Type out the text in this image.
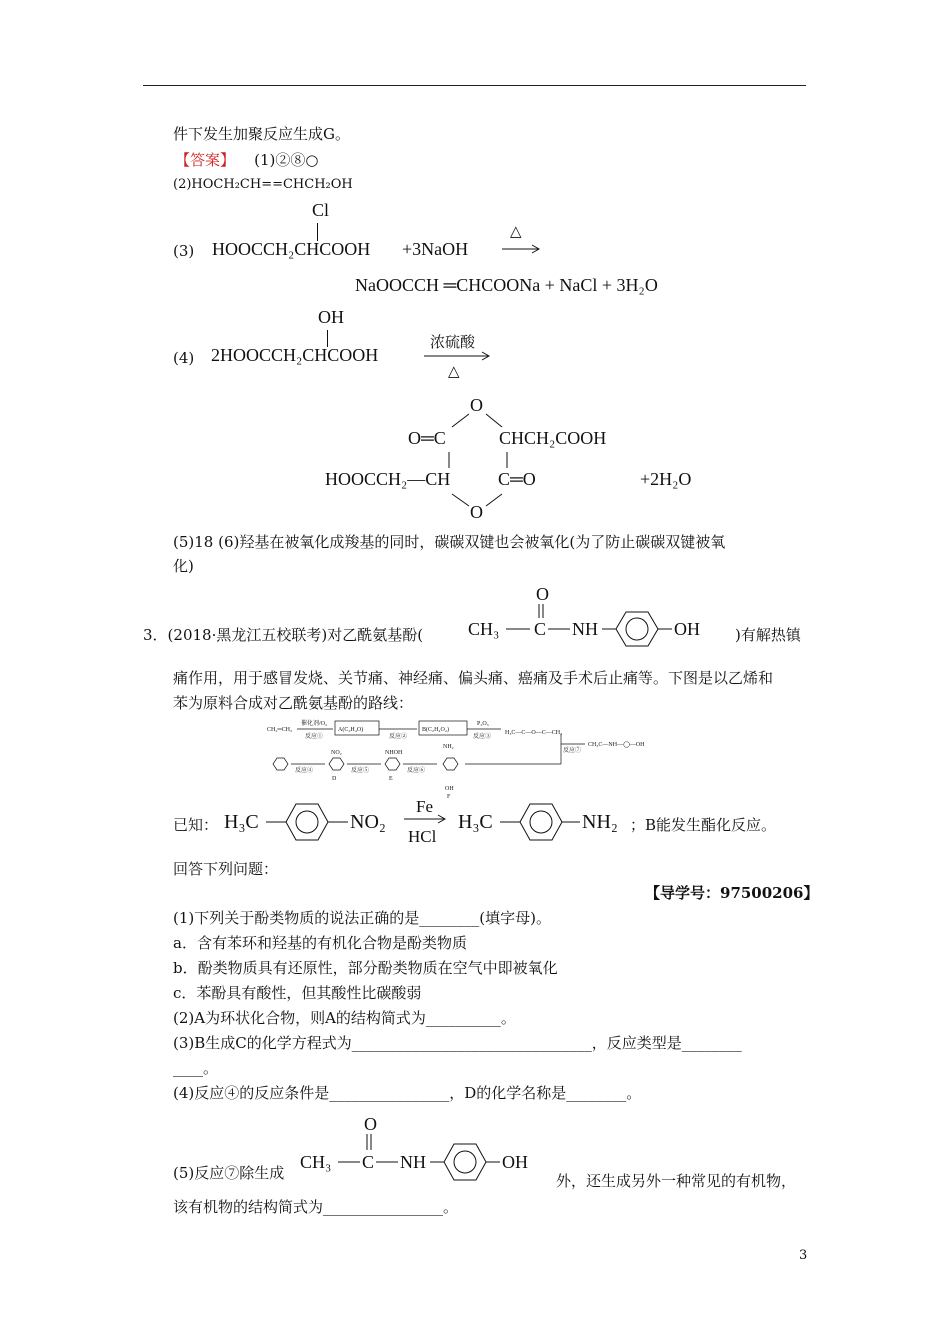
件下发生加聚反应生成G。
【答案】 (1)②⑧○
(2)HOCH₂CH==CHCH₂OH
Cl
(3) HOOCCH₂CHCOOH +3NaOH
△
NaOOCCH ═CHCOONa + NaCl + 3H₂O
OH
(4) 2HOOCCH₂CHCOOH
浓硫酸
△
O
O═C	CHCH₂COOH
HOOCCH₂—CH	C═O
O
+2H₂O
(5)18 (6)羟基在被氧化成羧基的同时，碳碳双键也会被氧化(为了防止碳碳双键被氧
化)
3．(2018·黑龙江五校联考)对乙酰氨基酚(
O
CH₃ C NH	OH )有解热镇
痛作用，用于感冒发烧、关节痛、神经痛、偏头痛、癌痛及手术后止痛等。下图是以乙烯和
苯为原料合成对乙酰氨基酚的路线：
CH₂═CH₂
催化剂/O₂
反应①
A(C₂H₄O)
反应②
B(C₂H₄O₂)
P₂O₅
反应③
H₃C—C—O—C—CH₃
反应⑦
CH₃C—NH—◯—OH
反应④
NO₂
D
反应⑤
NHOH
E
反应⑥
NH₂
OH
F
已知： H₃C	NO₂
Fe
HCl
H₃C	NH₂ ；B能发生酯化反应。
回答下列问题：
【导学号：97500206】
(1)下列关于酚类物质的说法正确的是________(填字母)。
a．含有苯环和羟基的有机化合物是酚类物质
b．酚类物质具有还原性，部分酚类物质在空气中即被氧化
c．苯酚具有酸性，但其酸性比碳酸弱
(2)A为环状化合物，则A的结构简式为__________。
(3)B生成C的化学方程式为________________________________，反应类型是________
____。
(4)反应④的反应条件是________________，D的化学名称是________。
(5)反应⑦除生成
O
CH₃ C NH	OH
外，还生成另外一种常见的有机物，
该有机物的结构简式为________________。
3
